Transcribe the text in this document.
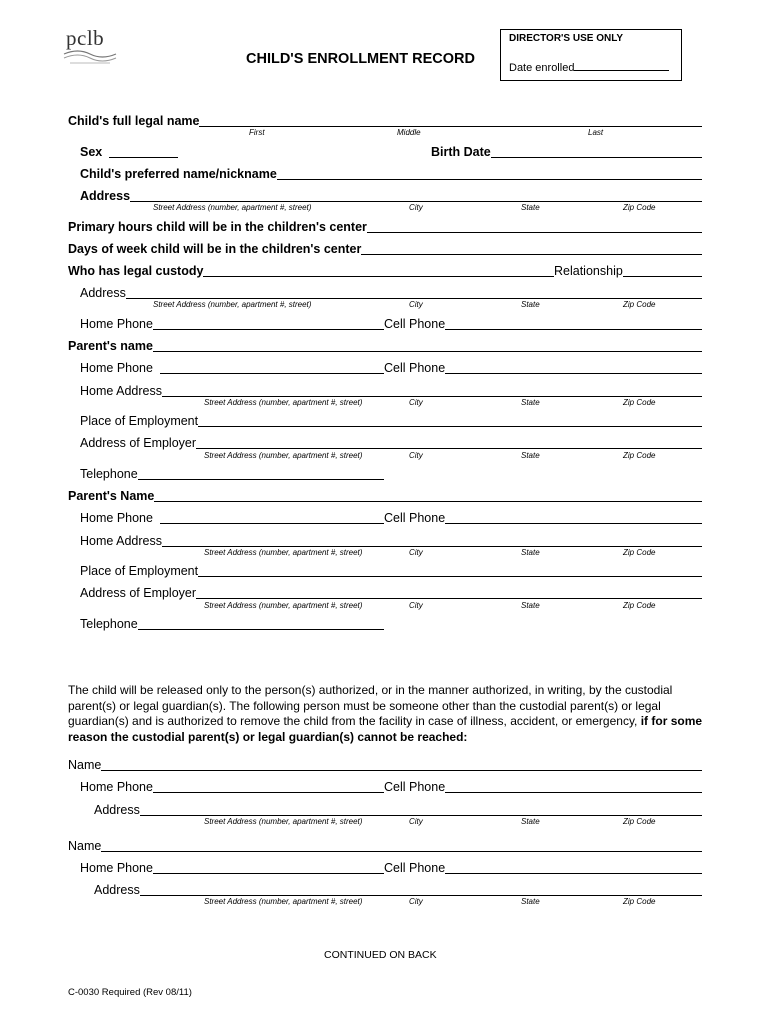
pclb
CHILD'S ENROLLMENT RECORD
DIRECTOR'S USE ONLY
Date enrolled
Child's full legal name
First	Middle	Last
Sex	Birth Date
Child's preferred name/nickname
Address
Street Address (number, apartment #, street)	City	State	Zip Code
Primary hours child will be in the children's center
Days of week child will be in the children's center
Who has legal custody	Relationship
Address
Street Address (number, apartment #, street)	City	State	Zip Code
Home Phone	Cell Phone
Parent's name
Home Phone	Cell Phone
Home Address
Street Address (number, apartment #, street)	City	State	Zip Code
Place of Employment
Address of Employer
Street Address (number, apartment #, street)	City	State	Zip Code
Telephone
Parent's Name
Home Phone	Cell Phone
Home Address
Street Address (number, apartment #, street)	City	State	Zip Code
Place of Employment
Address of Employer
Street Address (number, apartment #, street)	City	State	Zip Code
Telephone
The child will be released only to the person(s) authorized, or in the manner authorized, in writing, by the custodial parent(s) or legal guardian(s). The following person must be someone other than the custodial parent(s) or legal guardian(s) and is authorized to remove the child from the facility in case of illness, accident, or emergency, if for some reason the custodial parent(s) or legal guardian(s) cannot be reached:
Name
Home Phone	Cell Phone
Address
Street Address (number, apartment #, street)	City	State	Zip Code
Name
Home Phone	Cell Phone
Address
Street Address (number, apartment #, street)	City	State	Zip Code
CONTINUED ON BACK
C-0030 Required (Rev 08/11)
